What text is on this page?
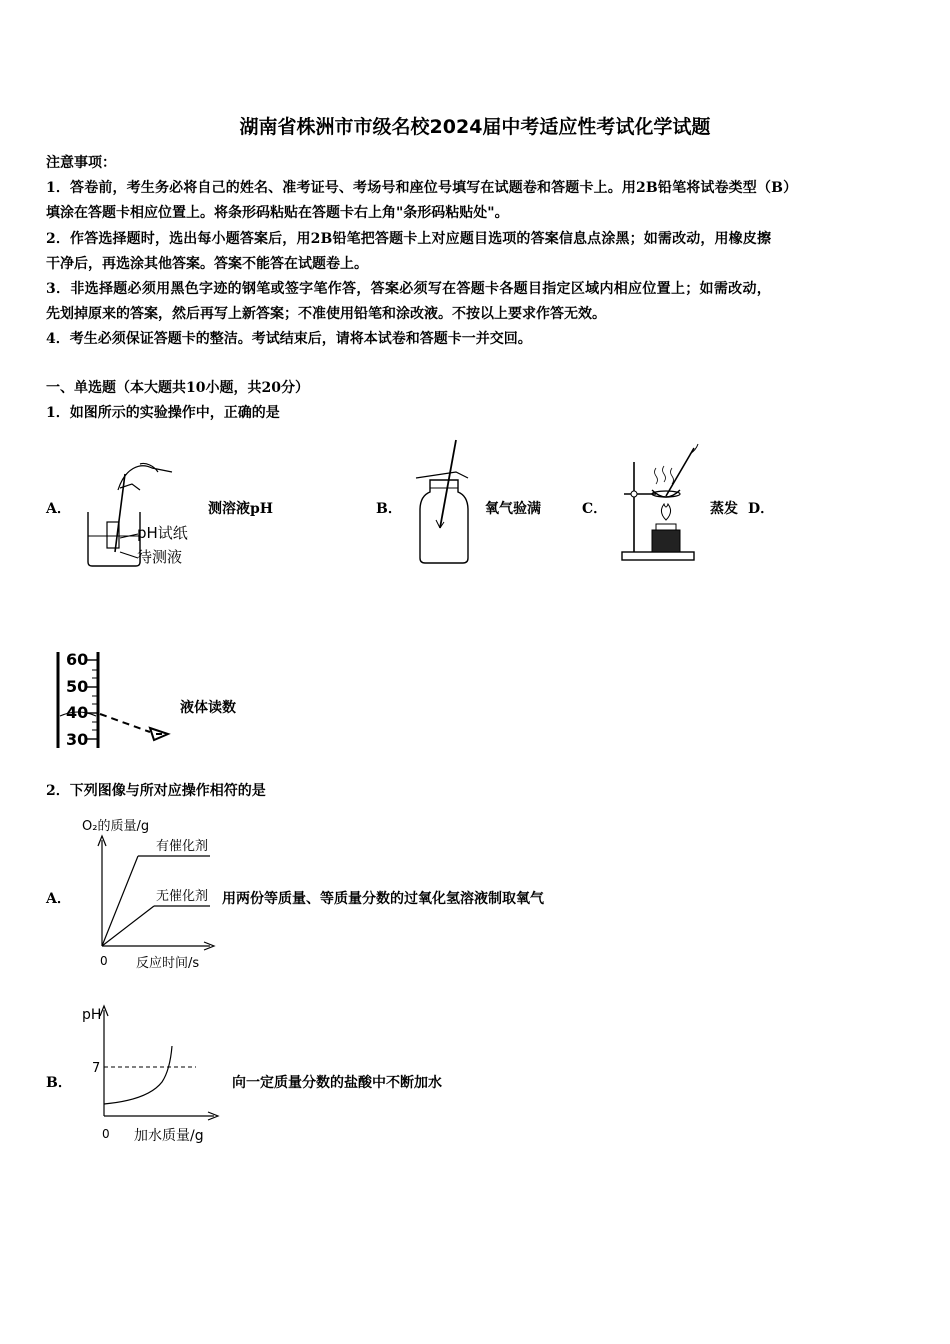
湖南省株洲市市级名校2024届中考适应性考试化学试题
注意事项：
1．答卷前，考生务必将自己的姓名、准考证号、考场号和座位号填写在试题卷和答题卡上。用2B铅笔将试卷类型（B）
填涂在答题卡相应位置上。将条形码粘贴在答题卡右上角"条形码粘贴处"。
2．作答选择题时，选出每小题答案后，用2B铅笔把答题卡上对应题目选项的答案信息点涂黑；如需改动，用橡皮擦
干净后，再选涂其他答案。答案不能答在试题卷上。
3．非选择题必须用黑色字迹的钢笔或签字笔作答，答案必须写在答题卡各题目指定区域内相应位置上；如需改动，
先划掉原来的答案，然后再写上新答案；不准使用铅笔和涂改液。不按以上要求作答无效。
4．考生必须保证答题卡的整洁。考试结束后，请将本试卷和答题卡一并交回。
一、单选题（本大题共10小题，共20分）
1．如图所示的实验操作中，正确的是
A．
pH试纸
待测液
测溶液pH	B．	氧气验满	C．	蒸发 D．
60
50
40
30
液体读数
2．下列图像与所对应操作相符的是
A．
O₂的质量/g
有催化剂
无催化剂
0 反应时间/s
用两份等质量、等质量分数的过氧化氢溶液制取氧气
B．
pH
7
0 加水质量/g
向一定质量分数的盐酸中不断加水
